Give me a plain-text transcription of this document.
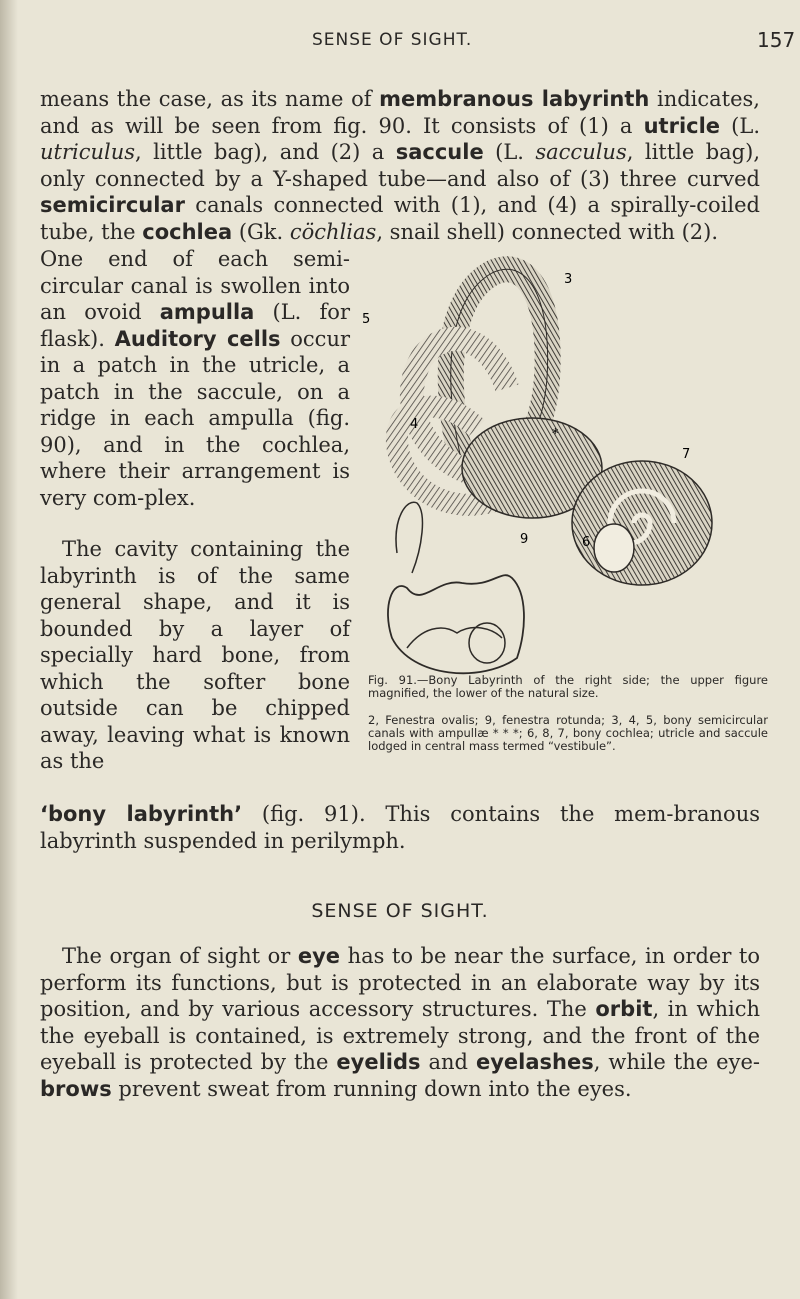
SENSE OF SIGHT.	157

means the case, as its name of membranous labyrinth indicates, and as will be seen from fig. 90. It consists of (1) a utricle (L. utriculus, little bag), and (2) a saccule (L. sacculus, little bag), only connected by a Y-shaped tube—and also of (3) three curved semicircular canals connected with (1), and (4) a spirally-coiled tube, the cochlea (Gk. cöchlias, snail shell) connected with (2).

One end of each semi-circular canal is swollen into an ovoid ampulla (L. for flask). Auditory cells occur in a patch in the utricle, a patch in the saccule, on a ridge in each ampulla (fig. 90), and in the cochlea, where their arrangement is very com-plex.

The cavity containing the labyrinth is of the same general shape, and it is bounded by a layer of specially hard bone, from which the softer bone outside can be chipped away, leaving what is known as the

‘bony labyrinth’ (fig. 91). This contains the mem-branous labyrinth suspended in perilymph.

3
5
4
7
9	6
*
Fig. 91.—Bony Labyrinth of the right side; the upper figure magnified, the lower of the natural size.
2, Fenestra ovalis; 9, fenestra rotunda; 3, 4, 5, bony semicircular canals with ampullæ * * *; 6, 8, 7, bony cochlea; utricle and saccule lodged in central mass termed “vestibule”.
SENSE OF SIGHT.

The organ of sight or eye has to be near the surface, in order to perform its functions, but is protected in an elaborate way by its position, and by various accessory structures. The orbit, in which the eyeball is contained, is extremely strong, and the front of the eyeball is protected by the eyelids and eyelashes, while the eye-brows prevent sweat from running down into the eyes.
